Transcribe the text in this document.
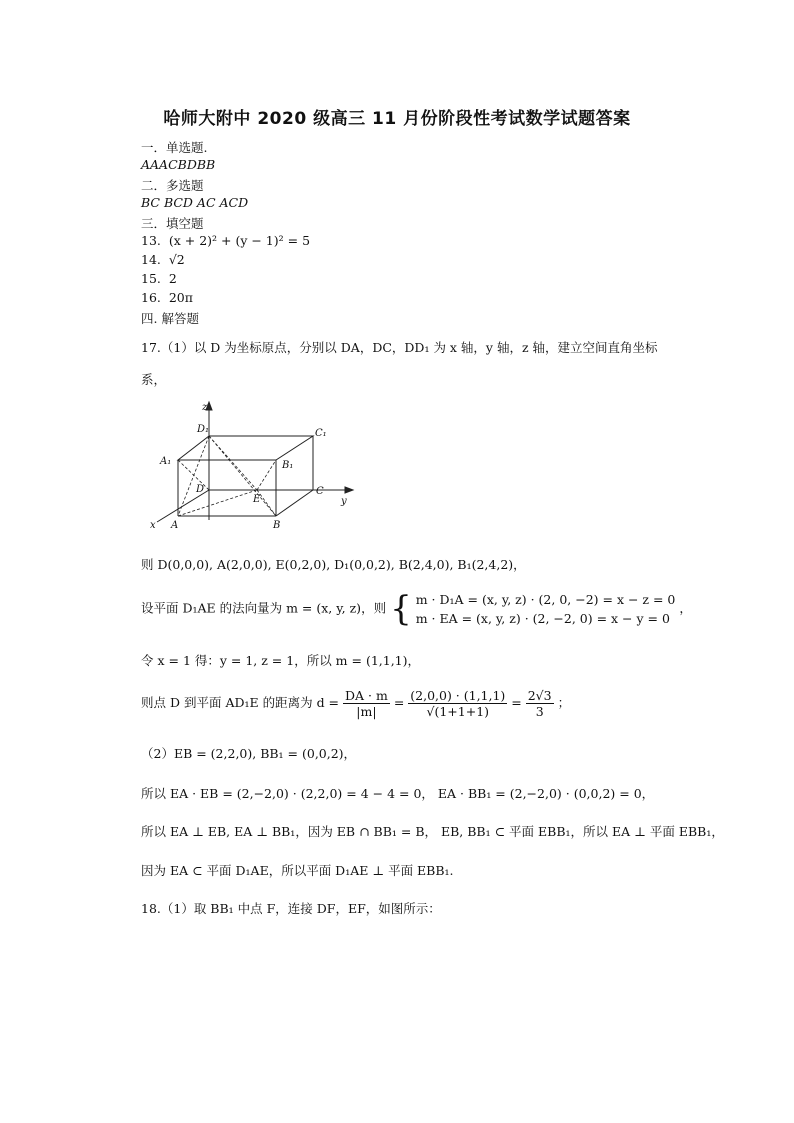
哈师大附中 2020 级高三 11 月份阶段性考试数学试题答案
一．单选题.
AAACBDBB
二．多选题
BC BCD AC ACD
三．填空题
13. (x + 2)² + (y − 1)² = 5
14. √2
15. 2
16. 20π
四. 解答题
17.（1）以 D 为坐标原点，分别以 DA，DC，DD₁ 为 x 轴，y 轴，z 轴，建立空间直角坐标
系，
z
D₁	C₁
A₁	B₁
D
E
C
y
x A	B
则 D(0,0,0), A(2,0,0), E(0,2,0), D₁(0,0,2), B(2,4,0), B₁(2,4,2)，
设平面 D₁AE 的法向量为 m = (x, y, z)，则 { m · D₁A = (x, y, z) · (2, 0, −2) = x − z = 0
m · EA = (x, y, z) · (2, −2, 0) = x − y = 0
，
令 x = 1 得：y = 1, z = 1，所以 m = (1,1,1)，
则点 D 到平面 AD₁E 的距离为 $d = \frac{DA \cdot m}{|m|} = \frac{(2,0,0) \cdot (1,1,1)}{√(1+1+1)} = \frac{2√3}{3}$ ；
（2）EB = (2,2,0), BB₁ = (0,0,2)，
所以 EA · EB = (2,−2,0) · (2,2,0) = 4 − 4 = 0， EA · BB₁ = (2,−2,0) · (0,0,2) = 0，
所以 EA ⊥ EB, EA ⊥ BB₁，因为 EB ∩ BB₁ = B， EB, BB₁ ⊂ 平面 EBB₁，所以 EA ⊥ 平面 EBB₁，
因为 EA ⊂ 平面 D₁AE，所以平面 D₁AE ⊥ 平面 EBB₁.
18.（1）取 BB₁ 中点 F，连接 DF，EF，如图所示：
